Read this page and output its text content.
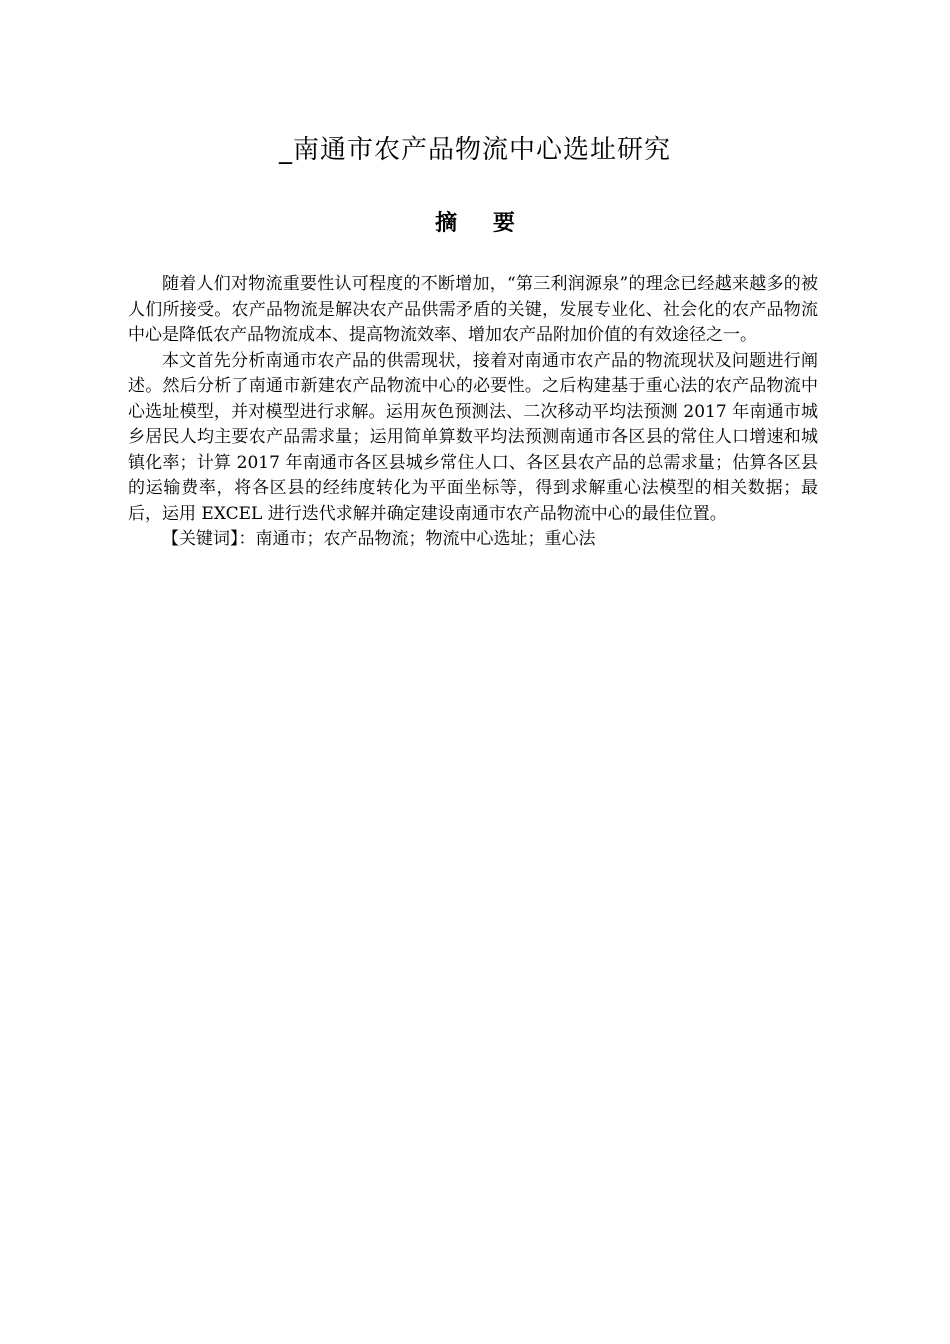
_南通市农产品物流中心选址研究
摘 要

随着人们对物流重要性认可程度的不断增加，“第三利润源泉”的理念已经越来越多的被人们所接受。农产品物流是解决农产品供需矛盾的关键，发展专业化、社会化的农产品物流中心是降低农产品物流成本、提高物流效率、增加农产品附加价值的有效途径之一。

本文首先分析南通市农产品的供需现状，接着对南通市农产品的物流现状及问题进行阐述。然后分析了南通市新建农产品物流中心的必要性。之后构建基于重心法的农产品物流中心选址模型，并对模型进行求解。运用灰色预测法、二次移动平均法预测 2017 年南通市城乡居民人均主要农产品需求量；运用简单算数平均法预测南通市各区县的常住人口增速和城镇化率；计算 2017 年南通市各区县城乡常住人口、各区县农产品的总需求量；估算各区县的运输费率，将各区县的经纬度转化为平面坐标等，得到求解重心法模型的相关数据；最后，运用 EXCEL 进行迭代求解并确定建设南通市农产品物流中心的最佳位置。

【关键词】：南通市；农产品物流；物流中心选址；重心法
